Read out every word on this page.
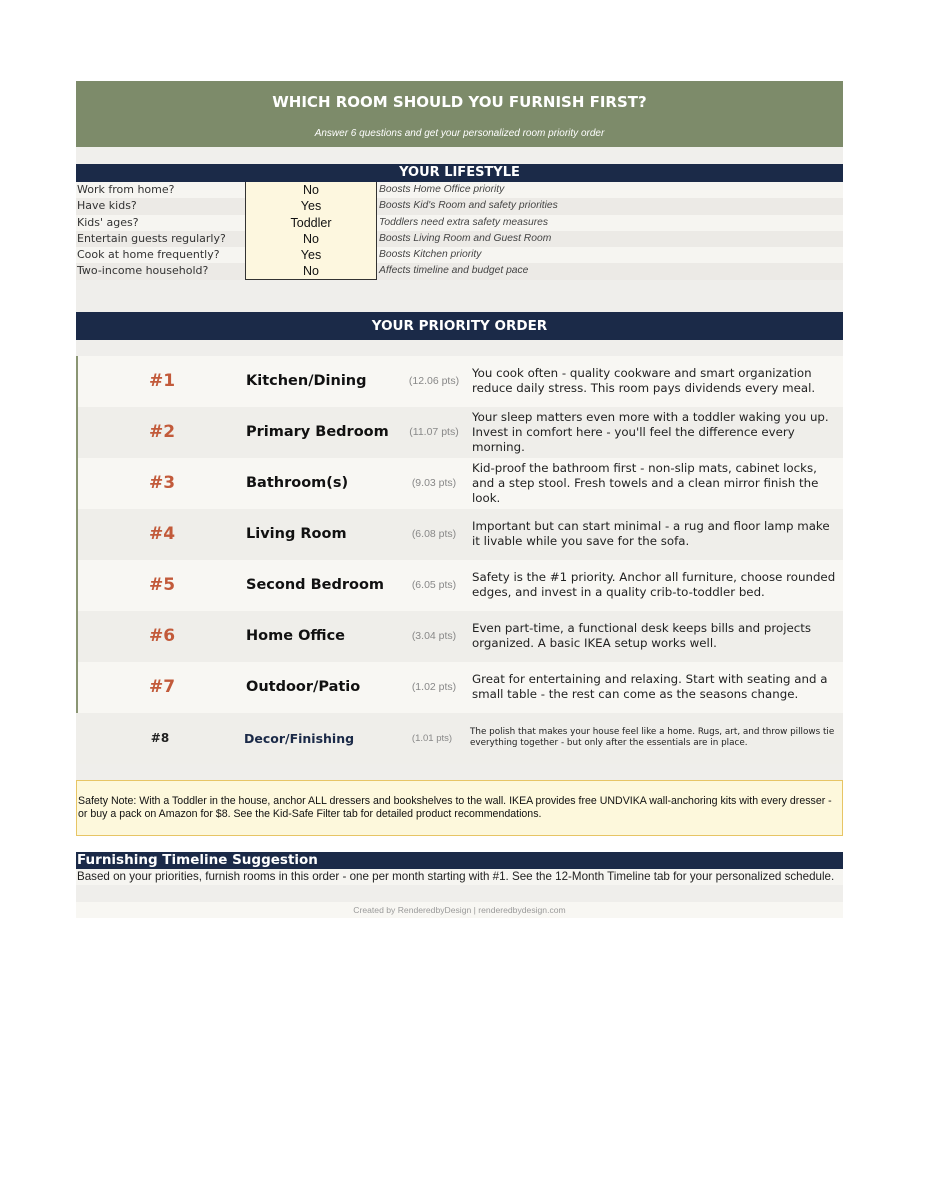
WHICH ROOM SHOULD YOU FURNISH FIRST?
Answer 6 questions and get your personalized room priority order
YOUR LIFESTYLE
Work from home?	No	Boosts Home Office priority
Have kids?	Yes	Boosts Kid's Room and safety priorities
Kids' ages?	Toddler	Toddlers need extra safety measures
Entertain guests regularly?	No	Boosts Living Room and Guest Room
Cook at home frequently?	Yes	Boosts Kitchen priority
Two-income household?	No	Affects timeline and budget pace
YOUR PRIORITY ORDER
#1	Kitchen/Dining	(12.06 pts)
You cook often - quality cookware and smart organization reduce daily stress. This room pays dividends every meal.
#2	Primary Bedroom	(11.07 pts)
Your sleep matters even more with a toddler waking you up. Invest in comfort here - you'll feel the difference every morning.
#3	Bathroom(s)	(9.03 pts)
Kid-proof the bathroom first - non-slip mats, cabinet locks, and a step stool. Fresh towels and a clean mirror finish the look.
#4	Living Room	(6.08 pts)
Important but can start minimal - a rug and floor lamp make it livable while you save for the sofa.
#5	Second Bedroom	(6.05 pts)
Safety is the #1 priority. Anchor all furniture, choose rounded edges, and invest in a quality crib-to-toddler bed.
#6	Home Office	(3.04 pts)
Even part-time, a functional desk keeps bills and projects organized. A basic IKEA setup works well.
#7	Outdoor/Patio	(1.02 pts)
Great for entertaining and relaxing. Start with seating and a small table - the rest can come as the seasons change.
#8	Decor/Finishing	(1.01 pts)
The polish that makes your house feel like a home. Rugs, art, and throw pillows tie everything together - but only after the essentials are in place.
Safety Note: With a Toddler in the house, anchor ALL dressers and bookshelves to the wall. IKEA provides free UNDVIKA wall-anchoring kits with every dresser - or buy a pack on Amazon for $8. See the Kid-Safe Filter tab for detailed product recommendations.
Furnishing Timeline Suggestion
Based on your priorities, furnish rooms in this order - one per month starting with #1. See the 12-Month Timeline tab for your personalized schedule.
Created by RenderedbyDesign | renderedbydesign.com
